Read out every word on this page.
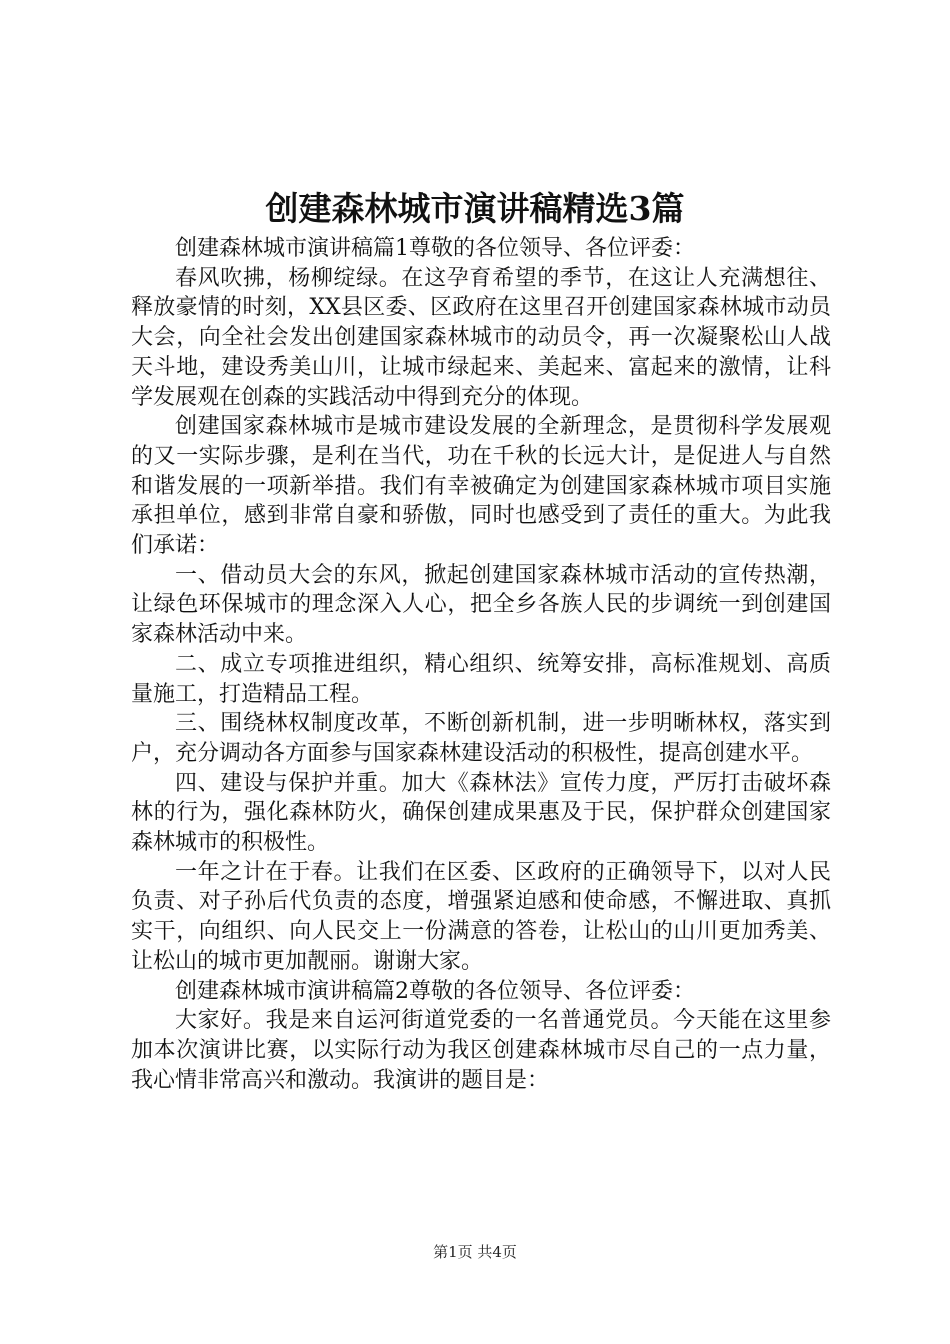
创建森林城市演讲稿精选3篇

创建森林城市演讲稿篇1尊敬的各位领导、各位评委：

春风吹拂，杨柳绽绿。在这孕育希望的季节，在这让人充满想往、释放豪情的时刻，XX县区委、区政府在这里召开创建国家森林城市动员大会，向全社会发出创建国家森林城市的动员令，再一次凝聚松山人战天斗地，建设秀美山川，让城市绿起来、美起来、富起来的激情，让科学发展观在创森的实践活动中得到充分的体现。

创建国家森林城市是城市建设发展的全新理念，是贯彻科学发展观的又一实际步骤，是利在当代，功在千秋的长远大计，是促进人与自然和谐发展的一项新举措。我们有幸被确定为创建国家森林城市项目实施承担单位，感到非常自豪和骄傲，同时也感受到了责任的重大。为此我们承诺：

一、借动员大会的东风，掀起创建国家森林城市活动的宣传热潮，让绿色环保城市的理念深入人心，把全乡各族人民的步调统一到创建国家森林活动中来。

二、成立专项推进组织，精心组织、统筹安排，高标准规划、高质量施工，打造精品工程。

三、围绕林权制度改革，不断创新机制，进一步明晰林权，落实到户，充分调动各方面参与国家森林建设活动的积极性，提高创建水平。

四、建设与保护并重。加大《森林法》宣传力度，严厉打击破坏森林的行为，强化森林防火，确保创建成果惠及于民，保护群众创建国家森林城市的积极性。

一年之计在于春。让我们在区委、区政府的正确领导下，以对人民负责、对子孙后代负责的态度，增强紧迫感和使命感，不懈进取、真抓实干，向组织、向人民交上一份满意的答卷，让松山的山川更加秀美、让松山的城市更加靓丽。谢谢大家。

创建森林城市演讲稿篇2尊敬的各位领导、各位评委：

大家好。我是来自运河街道党委的一名普通党员。今天能在这里参加本次演讲比赛，以实际行动为我区创建森林城市尽自己的一点力量，我心情非常高兴和激动。我演讲的题目是：

第1页 共4页
